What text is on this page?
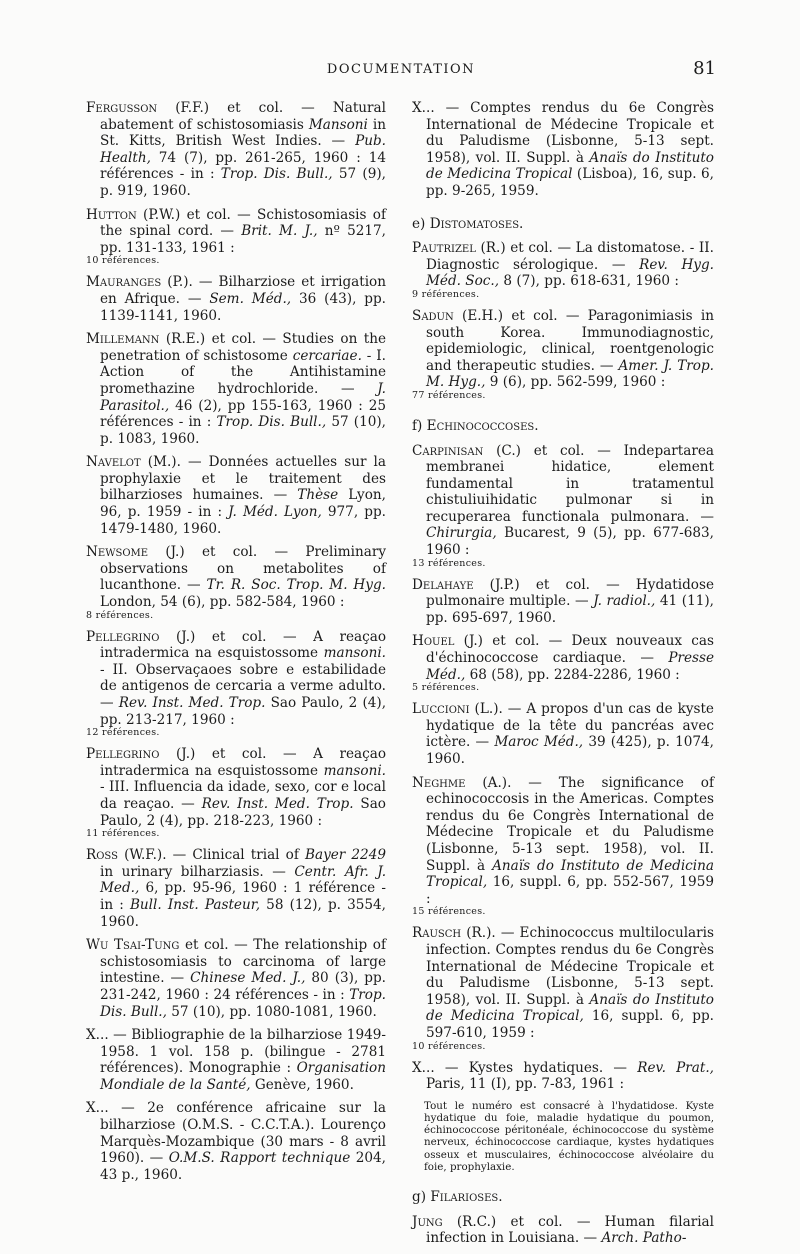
DOCUMENTATION	81
Fergusson (F.F.) et col. — Natural abatement of schistosomiasis Mansoni in St. Kitts, British West Indies. — Pub. Health, 74 (7), pp. 261-265, 1960 : 14 références - in : Trop. Dis. Bull., 57 (9), p. 919, 1960.
Hutton (P.W.) et col. — Schistosomiasis of the spinal cord. — Brit. M. J., nº 5217, pp. 131-133, 1961 :
10 références.
Mauranges (P.). — Bilharziose et irrigation en Afrique. — Sem. Méd., 36 (43), pp. 1139-1141, 1960.
Millemann (R.E.) et col. — Studies on the penetration of schistosome cercariae. - I. Action of the Antihistamine promethazine hydrochloride. — J. Parasitol., 46 (2), pp 155-163, 1960 : 25 références - in : Trop. Dis. Bull., 57 (10), p. 1083, 1960.
Navelot (M.). — Données actuelles sur la prophylaxie et le traitement des bilharzioses humaines. — Thèse Lyon, 96, p. 1959 - in : J. Méd. Lyon, 977, pp. 1479-1480, 1960.
Newsome (J.) et col. — Preliminary observations on metabolites of lucanthone. — Tr. R. Soc. Trop. M. Hyg. London, 54 (6), pp. 582-584, 1960 :
8 références.
Pellegrino (J.) et col. — A reaçao intradermica na esquistossome mansoni. - II. Observaçaoes sobre e estabilidade de antigenos de cercaria a verme adulto. — Rev. Inst. Med. Trop. Sao Paulo, 2 (4), pp. 213-217, 1960 :
12 références.
Pellegrino (J.) et col. — A reaçao intradermica na esquistossome mansoni. - III. Influencia da idade, sexo, cor e local da reaçao. — Rev. Inst. Med. Trop. Sao Paulo, 2 (4), pp. 218-223, 1960 :
11 références.
Ross (W.F.). — Clinical trial of Bayer 2249 in urinary bilharziasis. — Centr. Afr. J. Med., 6, pp. 95-96, 1960 : 1 référence - in : Bull. Inst. Pasteur, 58 (12), p. 3554, 1960.
Wu Tsai-Tung et col. — The relationship of schistosomiasis to carcinoma of large intestine. — Chinese Med. J., 80 (3), pp. 231-242, 1960 : 24 références - in : Trop. Dis. Bull., 57 (10), pp. 1080-1081, 1960.
X... — Bibliographie de la bilharziose 1949-1958. 1 vol. 158 p. (bilingue - 2781 références). Monographie : Organisation Mondiale de la Santé, Genève, 1960.
X... — 2e conférence africaine sur la bilharziose (O.M.S. - C.C.T.A.). Lourenço Marquès-Mozambique (30 mars - 8 avril 1960). — O.M.S. Rapport technique 204, 43 p., 1960.
X... — Comptes rendus du 6e Congrès International de Médecine Tropicale et du Paludisme (Lisbonne, 5-13 sept. 1958), vol. II. Suppl. à Anaïs do Instituto de Medicina Tropical (Lisboa), 16, sup. 6, pp. 9-265, 1959.
e) Distomatoses.
Pautrizel (R.) et col. — La distomatose. - II. Diagnostic sérologique. — Rev. Hyg. Méd. Soc., 8 (7), pp. 618-631, 1960 :
9 références.
Sadun (E.H.) et col. — Paragonimiasis in south Korea. Immunodiagnostic, epidemiologic, clinical, roentgenologic and therapeutic studies. — Amer. J. Trop. M. Hyg., 9 (6), pp. 562-599, 1960 :
77 références.
f) Echinococcoses.
Carpinisan (C.) et col. — Indepartarea membranei hidatice, element fundamental in tratamentul chistuliuihidatic pulmonar si in recuperarea functionala pulmonara. — Chirurgia, Bucarest, 9 (5), pp. 677-683, 1960 :
13 références.
Delahaye (J.P.) et col. — Hydatidose pulmonaire multiple. — J. radiol., 41 (11), pp. 695-697, 1960.
Houel (J.) et col. — Deux nouveaux cas d'échinococcose cardiaque. — Presse Méd., 68 (58), pp. 2284-2286, 1960 :
5 références.
Luccioni (L.). — A propos d'un cas de kyste hydatique de la tête du pancréas avec ictère. — Maroc Méd., 39 (425), p. 1074, 1960.
Neghme (A.). — The significance of echinococcosis in the Americas. Comptes rendus du 6e Congrès International de Médecine Tropicale et du Paludisme (Lisbonne, 5-13 sept. 1958), vol. II. Suppl. à Anaïs do Instituto de Medicina Tropical, 16, suppl. 6, pp. 552-567, 1959 :
15 références.
Rausch (R.). — Echinococcus multilocularis infection. Comptes rendus du 6e Congrès International de Médecine Tropicale et du Paludisme (Lisbonne, 5-13 sept. 1958), vol. II. Suppl. à Anaïs do Instituto de Medicina Tropical, 16, suppl. 6, pp. 597-610, 1959 :
10 références.
X... — Kystes hydatiques. — Rev. Prat., Paris, 11 (I), pp. 7-83, 1961 :
Tout le numéro est consacré à l'hydatidose. Kyste hydatique du foie, maladie hydatique du poumon, échinococcose péritonéale, échinococcose du système nerveux, échinococcose cardiaque, kystes hydatiques osseux et musculaires, échinococcose alvéolaire du foie, prophylaxie.
g) Filarioses.
Jung (R.C.) et col. — Human filarial infection in Louisiana. — Arch. Patho-
